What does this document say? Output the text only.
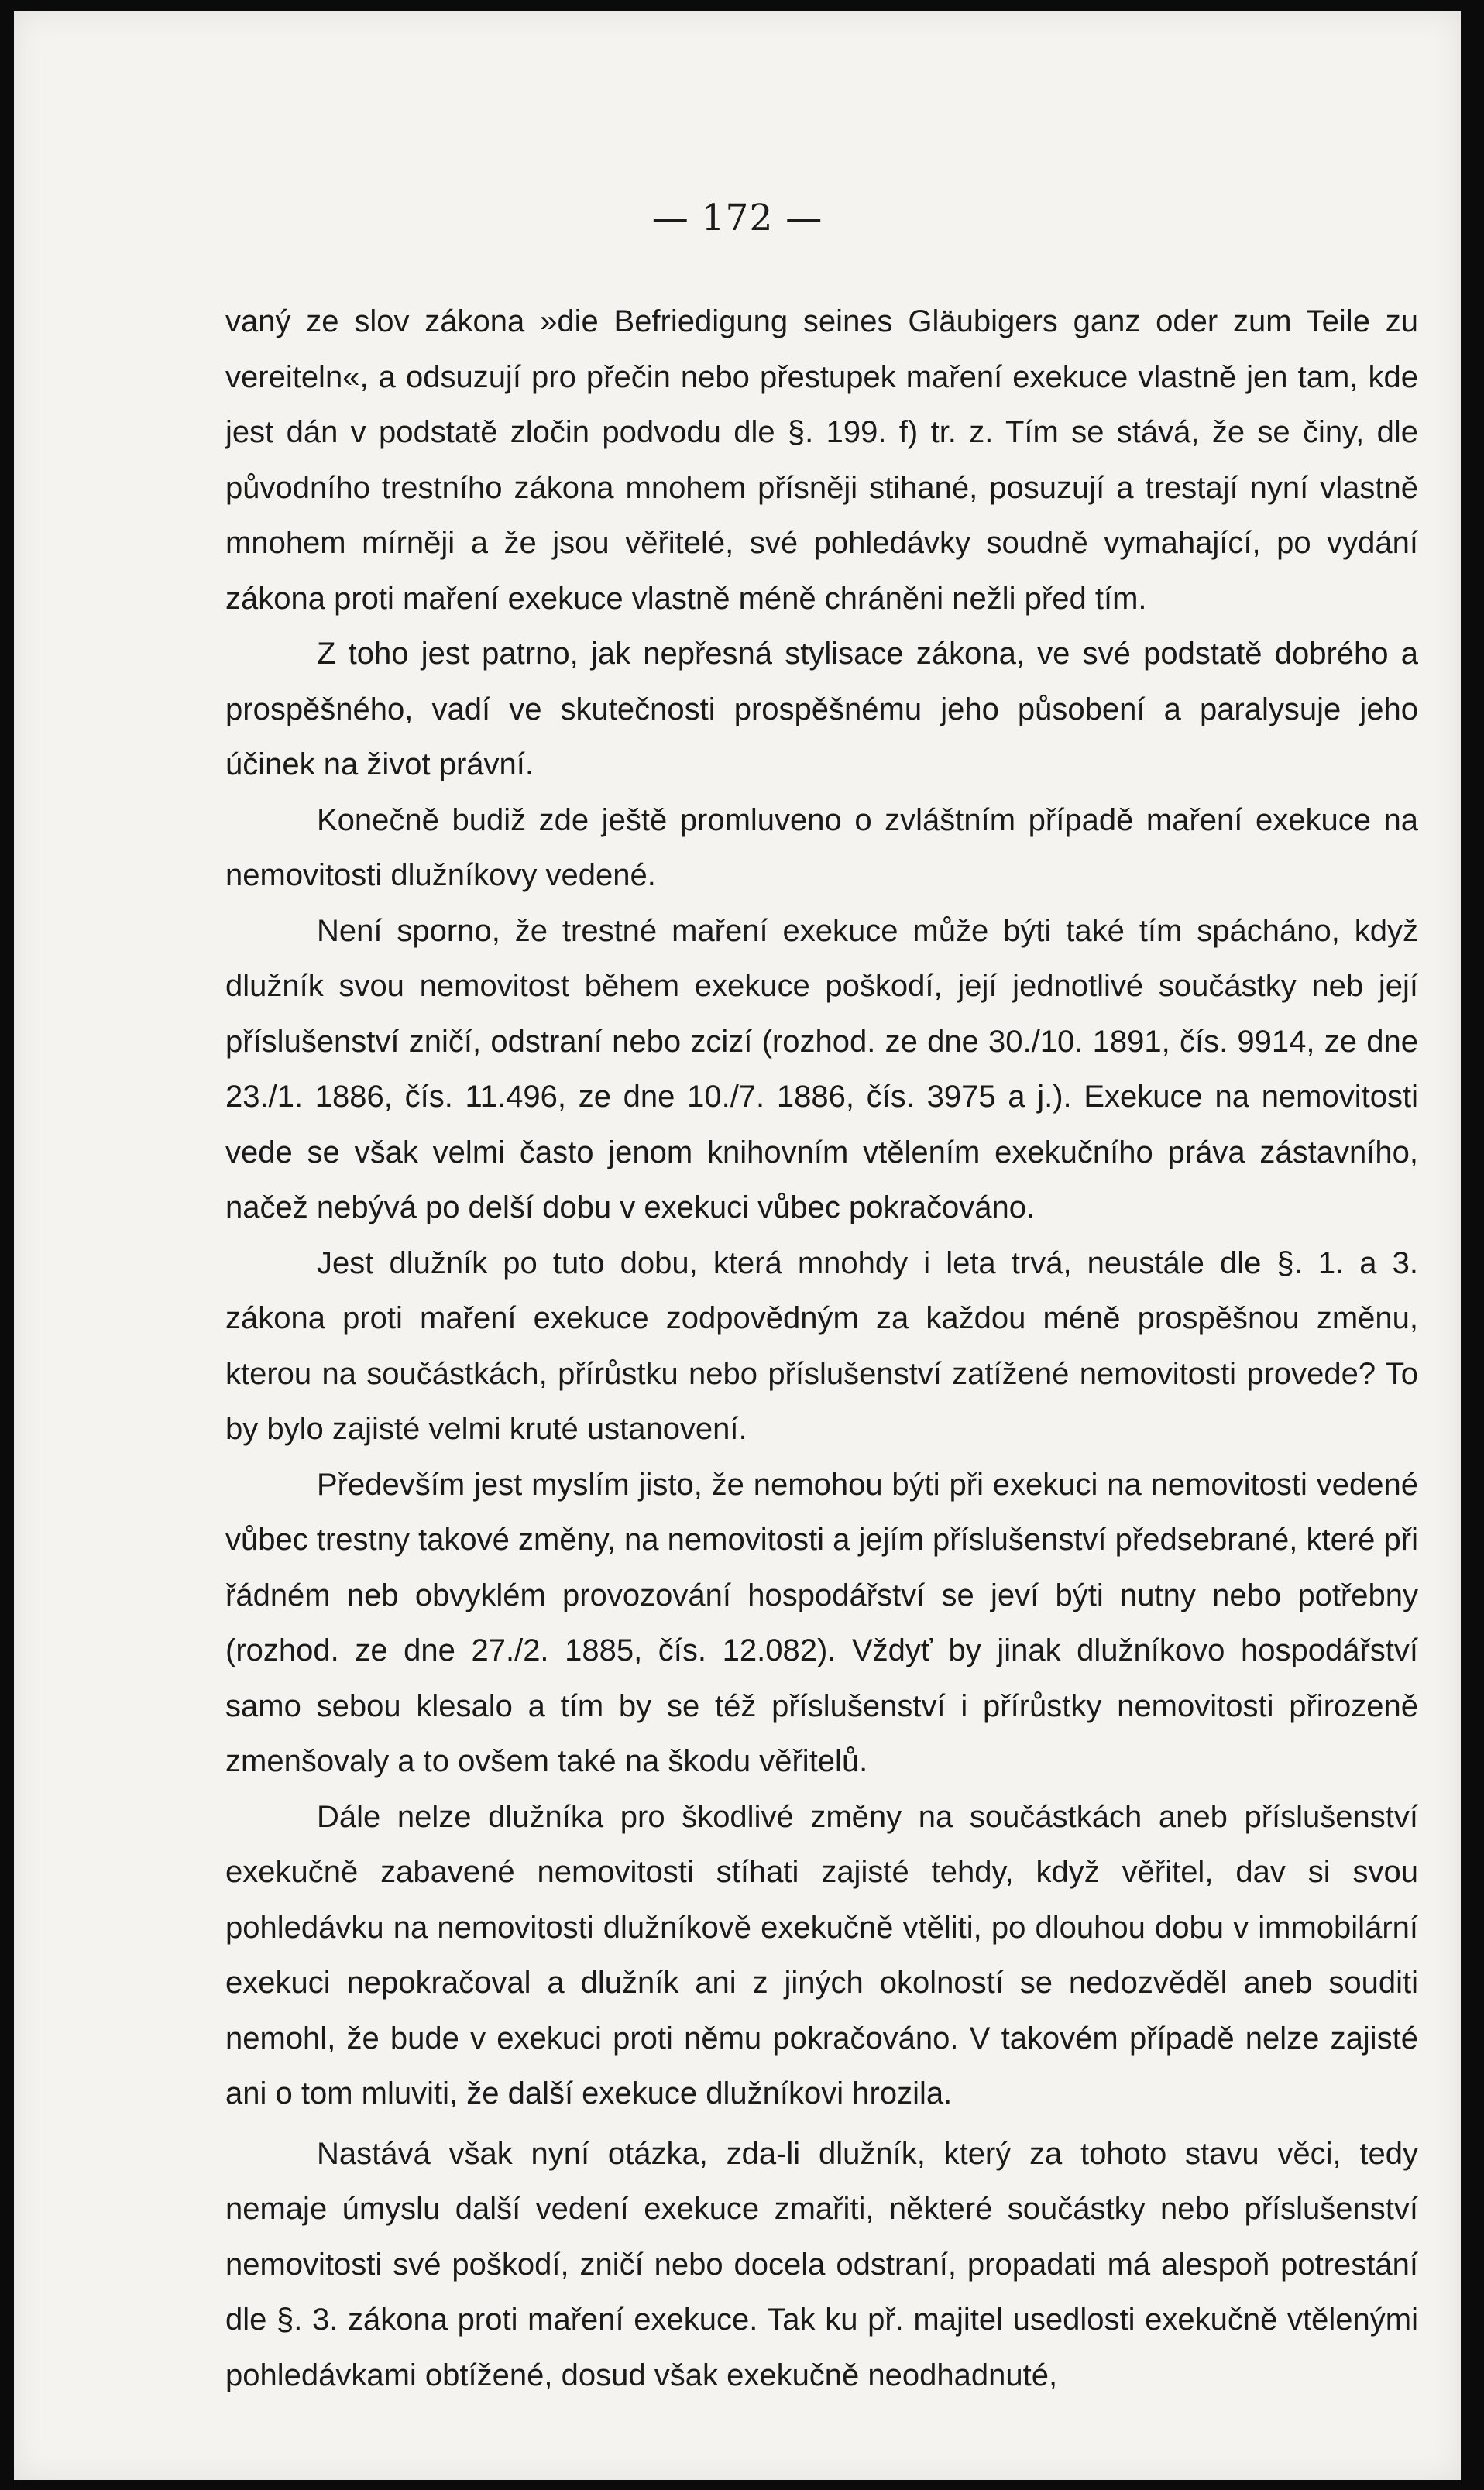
— 172 —

vaný ze slov zákona »die Befriedigung seines Gläubigers ganz oder zum Teile zu vereiteln«, a odsuzují pro přečin nebo přestupek maření exekuce vlastně jen tam, kde jest dán v podstatě zločin podvodu dle §. 199. f) tr. z. Tím se stává, že se činy, dle původního trestního zákona mnohem přísněji stihané, posuzují a trestají nyní vlastně mnohem mírněji a že jsou věřitelé, své pohledávky soudně vymahající, po vydání zákona proti maření exekuce vlastně méně chráněni nežli před tím.

Z toho jest patrno, jak nepřesná stylisace zákona, ve své podstatě dobrého a prospěšného, vadí ve skutečnosti prospěšnému jeho působení a paralysuje jeho účinek na život právní.

Konečně budiž zde ještě promluveno o zvláštním případě maření exekuce na nemovitosti dlužníkovy vedené.

Není sporno, že trestné maření exekuce může býti také tím spácháno, když dlužník svou nemovitost během exekuce poškodí, její jednotlivé součástky neb její příslušenství zničí, odstraní nebo zcizí (rozhod. ze dne 30./10. 1891, čís. 9914, ze dne 23./1. 1886, čís. 11.496, ze dne 10./7. 1886, čís. 3975 a j.). Exekuce na nemovitosti vede se však velmi často jenom knihovním vtělením exekučního práva zástavního, načež nebývá po delší dobu v exekuci vůbec pokračováno.

Jest dlužník po tuto dobu, která mnohdy i leta trvá, neustále dle §. 1. a 3. zákona proti maření exekuce zodpovědným za každou méně prospěšnou změnu, kterou na součástkách, přírůstku nebo příslušenství zatížené nemovitosti provede? To by bylo zajisté velmi kruté ustanovení.

Především jest myslím jisto, že nemohou býti při exekuci na nemovitosti vedené vůbec trestny takové změny, na nemovitosti a jejím příslušenství předsebrané, které při řádném neb obvyklém provozování hospodářství se jeví býti nutny nebo potřebny (rozhod. ze dne 27./2. 1885, čís. 12.082). Vždyť by jinak dlužníkovo hospodářství samo sebou klesalo a tím by se též příslušenství i přírůstky nemovitosti přirozeně zmenšovaly a to ovšem také na škodu věřitelů.

Dále nelze dlužníka pro škodlivé změny na součástkách aneb příslušenství exekučně zabavené nemovitosti stíhati zajisté tehdy, když věřitel, dav si svou pohledávku na nemovitosti dlužníkově exekučně vtěliti, po dlouhou dobu v immobilární exekuci nepokračoval a dlužník ani z jiných okolností se nedozvěděl aneb souditi nemohl, že bude v exekuci proti němu pokračováno. V takovém případě nelze zajisté ani o tom mluviti, že další exekuce dlužníkovi hrozila.

Nastává však nyní otázka, zda-li dlužník, který za tohoto stavu věci, tedy nemaje úmyslu další vedení exekuce zmařiti, některé součástky nebo příslušenství nemovitosti své poškodí, zničí nebo docela odstraní, propadati má alespoň potrestání dle §. 3. zákona proti maření exekuce. Tak ku př. majitel usedlosti exekučně vtělenými pohledávkami obtížené, dosud však exekučně neodhadnuté,
